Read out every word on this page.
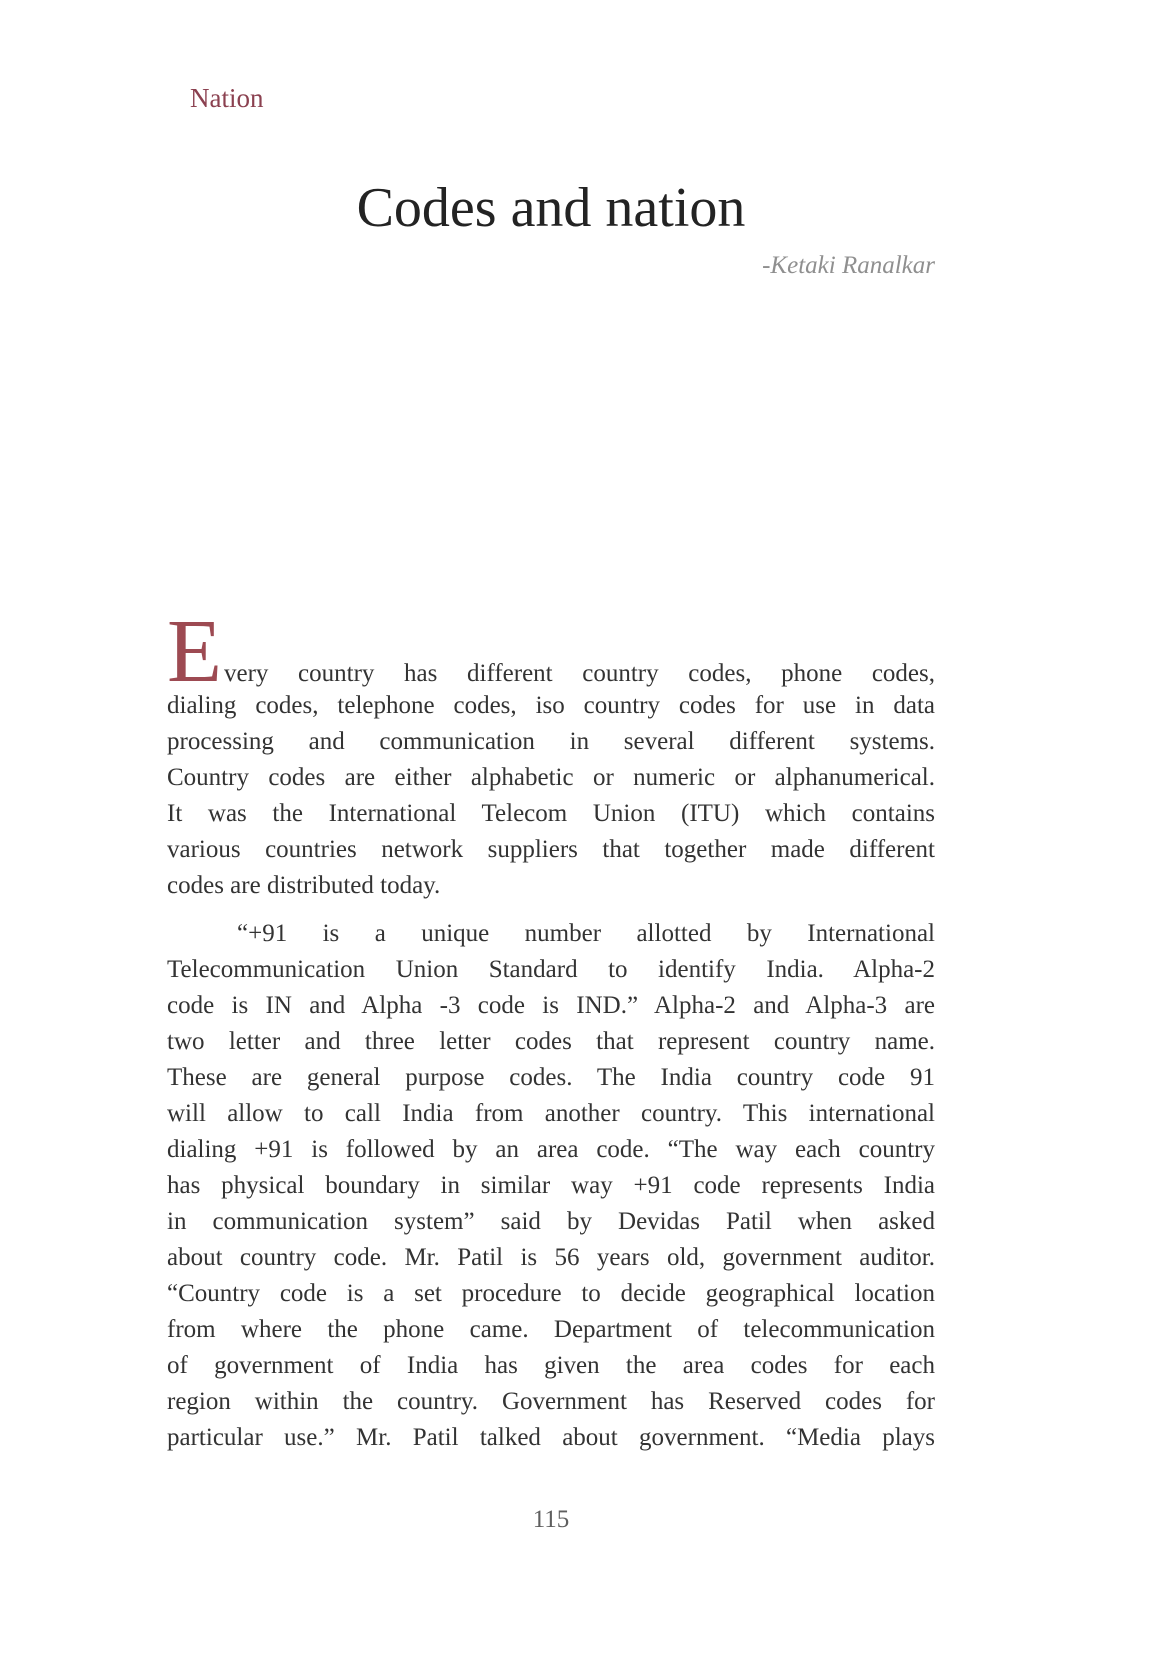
Nation
Codes and nation
-Ketaki Ranalkar
Every country has different country codes, phone codes,
dialing codes, telephone codes, iso country codes for use in data
processing and communication in several different systems.
Country codes are either alphabetic or numeric or alphanumerical.
It was the International Telecom Union (ITU) which contains
various countries network suppliers that together made different
codes are distributed today.
“+91 is a unique number allotted by International
Telecommunication Union Standard to identify India. Alpha-2
code is IN and Alpha -3 code is IND.” Alpha-2 and Alpha-3 are
two letter and three letter codes that represent country name.
These are general purpose codes. The India country code 91
will allow to call India from another country. This international
dialing +91 is followed by an area code. “The way each country
has physical boundary in similar way +91 code represents India
in communication system” said by Devidas Patil when asked
about country code. Mr. Patil is 56 years old, government auditor.
“Country code is a set procedure to decide geographical location
from where the phone came. Department of telecommunication
of government of India has given the area codes for each
region within the country. Government has Reserved codes for
particular use.” Mr. Patil talked about government. “Media plays
115
